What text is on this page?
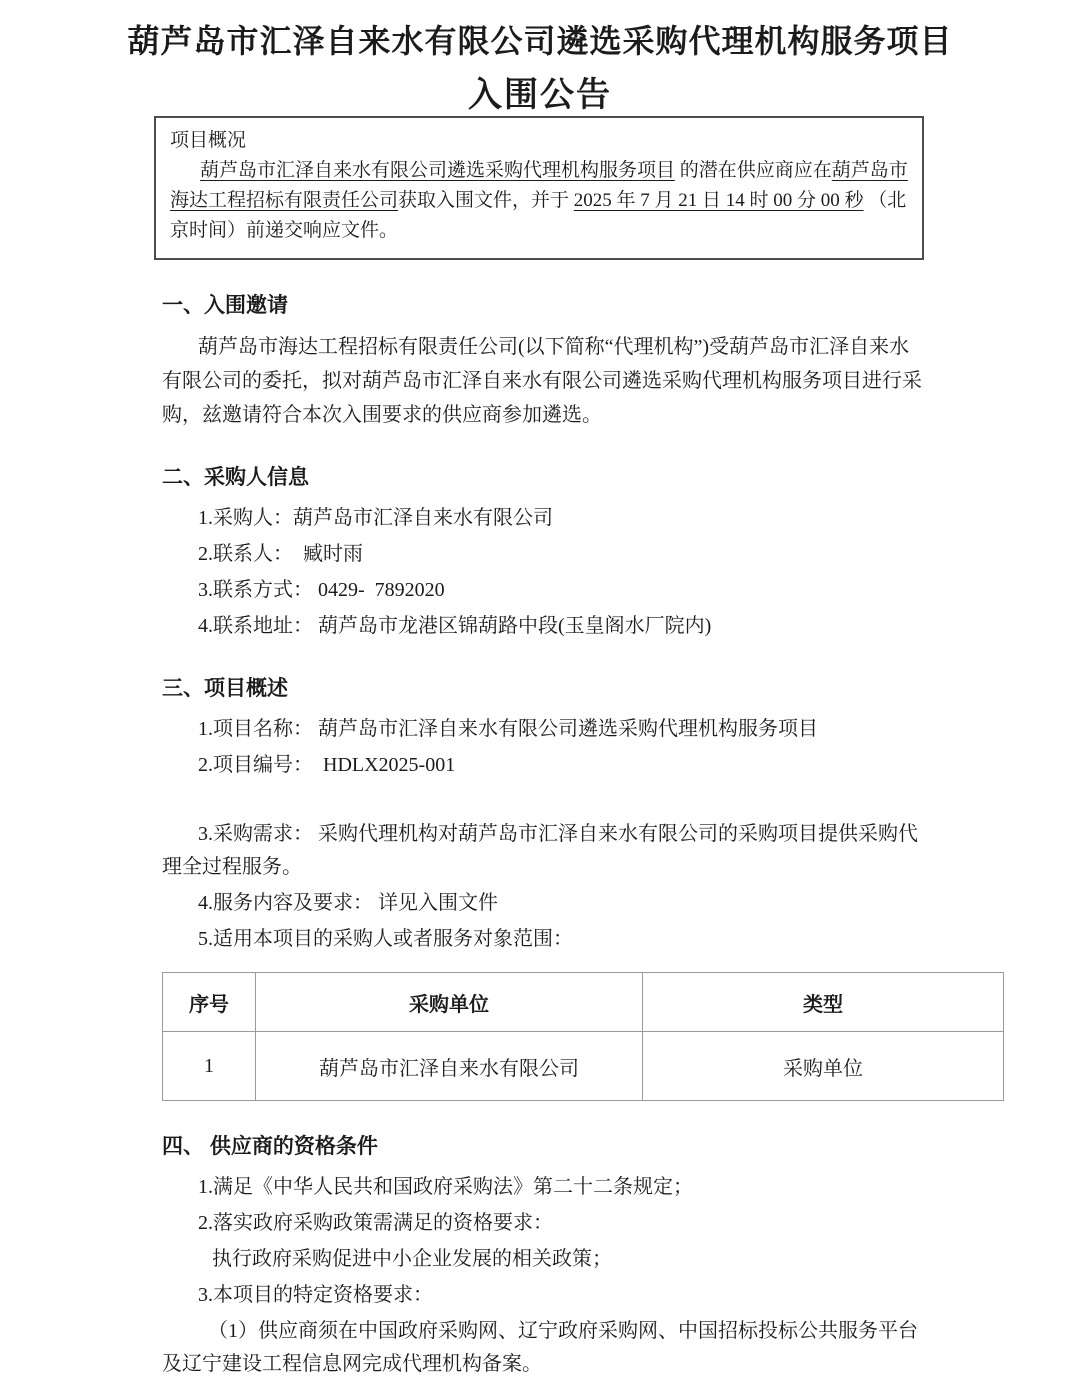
葫芦岛市汇泽自来水有限公司遴选采购代理机构服务项目
入围公告
项目概况

葫芦岛市汇泽自来水有限公司遴选采购代理机构服务项目 的潜在供应商应在葫芦岛市海达工程招标有限责任公司获取入围文件，并于 2025 年 7 月 21 日 14 时 00 分 00 秒 （北京时间）前递交响应文件。

一、入围邀请

葫芦岛市海达工程招标有限责任公司(以下简称“代理机构”)受葫芦岛市汇泽自来水有限公司的委托，拟对葫芦岛市汇泽自来水有限公司遴选采购代理机构服务项目进行采购，兹邀请符合本次入围要求的供应商参加遴选。

二、采购人信息
1.采购人：葫芦岛市汇泽自来水有限公司
2.联系人：  臧时雨
3.联系方式： 0429-  7892020
4.联系地址： 葫芦岛市龙港区锦葫路中段(玉皇阁水厂院内)
三、项目概述
1.项目名称： 葫芦岛市汇泽自来水有限公司遴选采购代理机构服务项目
2.项目编号：  HDLX2025-001
3.采购需求： 采购代理机构对葫芦岛市汇泽自来水有限公司的采购项目提供采购代理全过程服务。
4.服务内容及要求： 详见入围文件
5.适用本项目的采购人或者服务对象范围：
序号	采购单位	类型
1	葫芦岛市汇泽自来水有限公司	采购单位
四、 供应商的资格条件
1.满足《中华人民共和国政府采购法》第二十二条规定；
2.落实政府采购政策需满足的资格要求：
执行政府采购促进中小企业发展的相关政策；
3.本项目的特定资格要求：
（1）供应商须在中国政府采购网、辽宁政府采购网、中国招标投标公共服务平台及辽宁建设工程信息网完成代理机构备案。
